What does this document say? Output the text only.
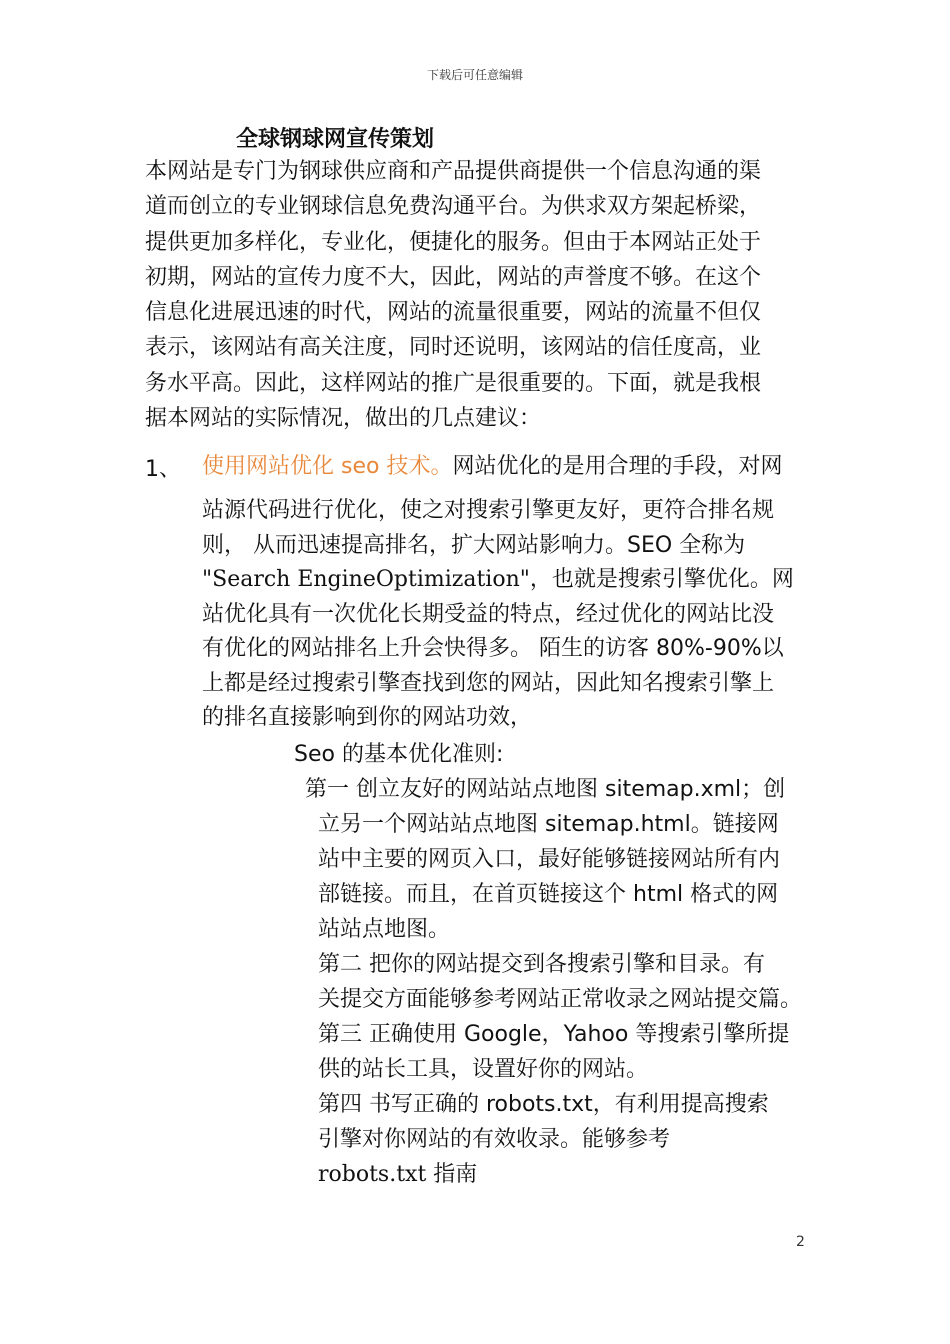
下载后可任意编辑
全球钢球网宣传策划
本网站是专门为钢球供应商和产品提供商提供一个信息沟通的渠
道而创立的专业钢球信息免费沟通平台。为供求双方架起桥梁，
提供更加多样化，专业化，便捷化的服务。但由于本网站正处于
初期，网站的宣传力度不大，因此，网站的声誉度不够。在这个
信息化进展迅速的时代，网站的流量很重要，网站的流量不但仅
表示，该网站有高关注度，同时还说明，该网站的信任度高，业
务水平高。因此，这样网站的推广是很重要的。下面，就是我根
据本网站的实际情况，做出的几点建议：
1、 使用网站优化 seo 技术。网站优化的是用合理的手段，对网
站源代码进行优化，使之对搜索引擎更友好，更符合排名规
则， 从而迅速提高排名，扩大网站影响力。SEO 全称为
"Search EngineOptimization"，也就是搜索引擎优化。网
站优化具有一次优化长期受益的特点，经过优化的网站比没
有优化的网站排名上升会快得多。 陌生的访客 80%-90%以
上都是经过搜索引擎查找到您的网站，因此知名搜索引擎上
的排名直接影响到你的网站功效，
Seo 的基本优化准则:
第一 创立友好的网站站点地图 sitemap.xml；创
立另一个网站站点地图 sitemap.html。链接网
站中主要的网页入口，最好能够链接网站所有内
部链接。而且，在首页链接这个 html 格式的网
站站点地图。
第二 把你的网站提交到各搜索引擎和目录。有
关提交方面能够参考网站正常收录之网站提交篇。
第三 正确使用 Google，Yahoo 等搜索引擎所提
供的站长工具，设置好你的网站。
第四 书写正确的 robots.txt，有利用提高搜索
引擎对你网站的有效收录。能够参考
robots.txt 指南
2
